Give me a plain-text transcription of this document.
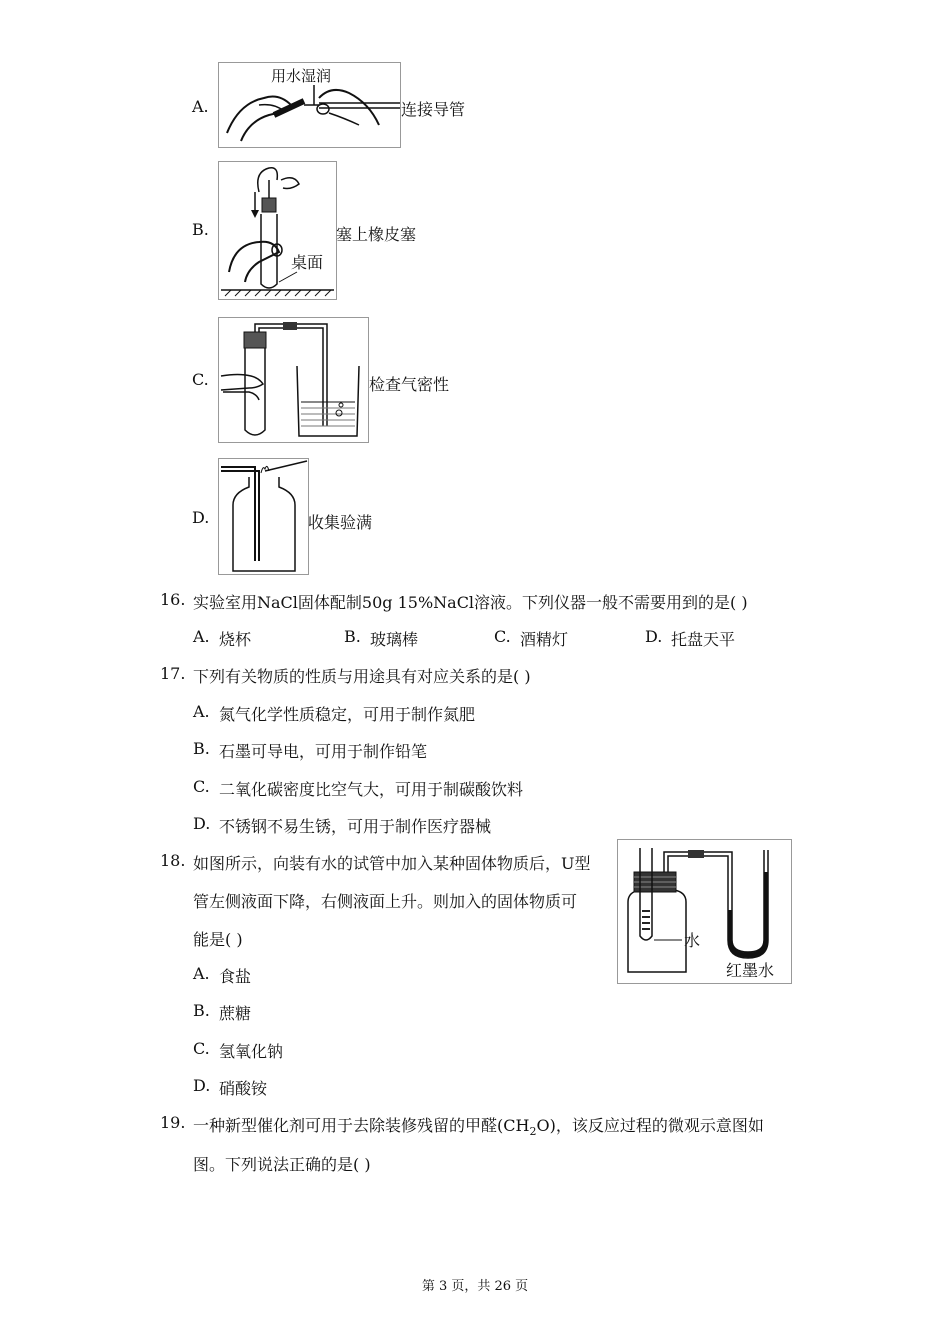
A.
用水湿润
连接导管
B.
桌面
塞上橡皮塞
C.	检查气密性
D.	收集验满
16. 实验室用NaCl固体配制50g 15%NaCl溶液。下列仪器一般不需要用到的是( )
A. 烧杯	B. 玻璃棒	C. 酒精灯	D. 托盘天平
17. 下列有关物质的性质与用途具有对应关系的是( )
A. 氮气化学性质稳定，可用于制作氮肥
B. 石墨可导电，可用于制作铅笔
C. 二氧化碳密度比空气大，可用于制碳酸饮料
D. 不锈钢不易生锈，可用于制作医疗器械
18. 如图所示，向装有水的试管中加入某种固体物质后，U型
管左侧液面下降，右侧液面上升。则加入的固体物质可
能是( )	水
红墨水
A. 食盐
B. 蔗糖
C. 氢氧化钠
D. 硝酸铵
19. 一种新型催化剂可用于去除装修残留的甲醛$(CH_2O)$，该反应过程的微观示意图如
图。下列说法正确的是( )
第 3 页，共 26 页
